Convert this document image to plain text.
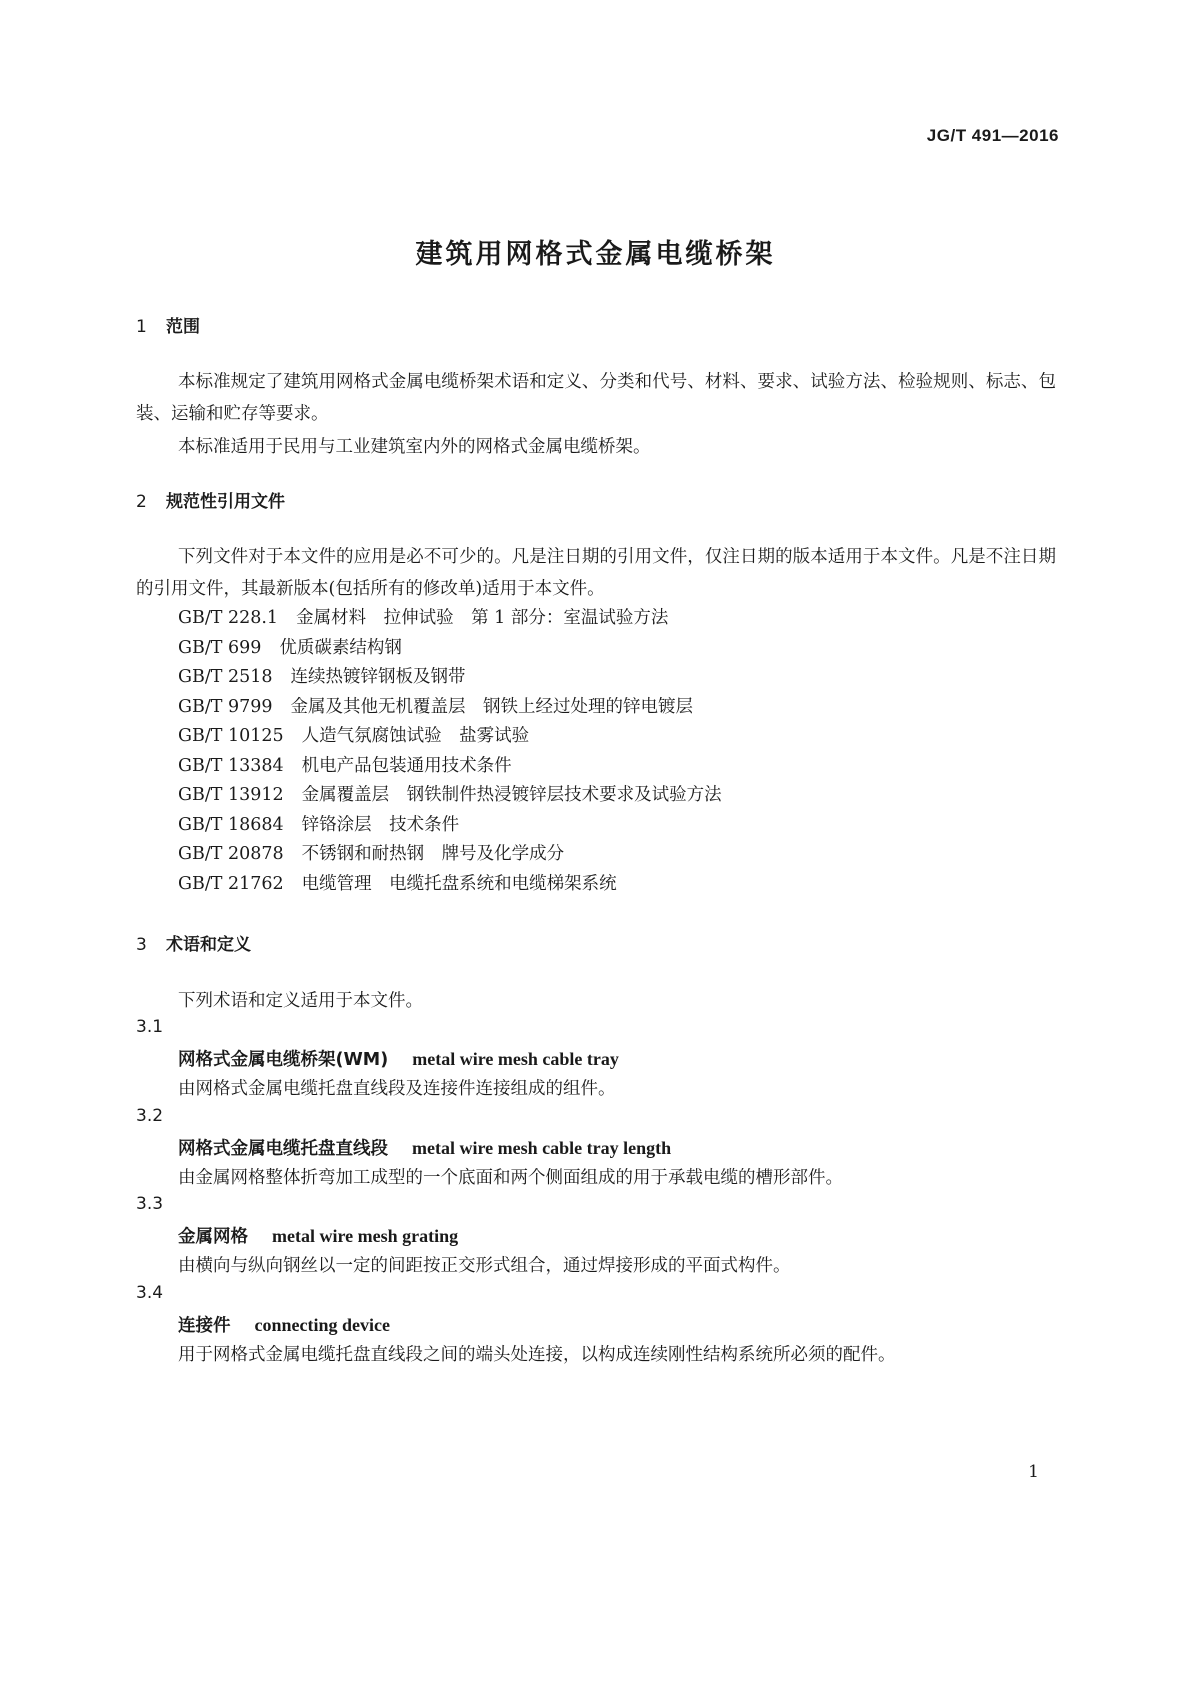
JG/T 491—2016
建筑用网格式金属电缆桥架
1 范围
本标准规定了建筑用网格式金属电缆桥架术语和定义、分类和代号、材料、要求、试验方法、检验规则、标志、包装、运输和贮存等要求。
本标准适用于民用与工业建筑室内外的网格式金属电缆桥架。
2 规范性引用文件
下列文件对于本文件的应用是必不可少的。凡是注日期的引用文件，仅注日期的版本适用于本文件。凡是不注日期的引用文件，其最新版本(包括所有的修改单)适用于本文件。
GB/T 228.1 金属材料　拉伸试验　第 1 部分：室温试验方法
GB/T 699 优质碳素结构钢
GB/T 2518 连续热镀锌钢板及钢带
GB/T 9799 金属及其他无机覆盖层　钢铁上经过处理的锌电镀层
GB/T 10125 人造气氛腐蚀试验　盐雾试验
GB/T 13384 机电产品包装通用技术条件
GB/T 13912 金属覆盖层　钢铁制件热浸镀锌层技术要求及试验方法
GB/T 18684 锌铬涂层　技术条件
GB/T 20878 不锈钢和耐热钢　牌号及化学成分
GB/T 21762 电缆管理　电缆托盘系统和电缆梯架系统
3 术语和定义
下列术语和定义适用于本文件。
3.1
网格式金属电缆桥架(WM) metal wire mesh cable tray
由网格式金属电缆托盘直线段及连接件连接组成的组件。
3.2
网格式金属电缆托盘直线段 metal wire mesh cable tray length
由金属网格整体折弯加工成型的一个底面和两个侧面组成的用于承载电缆的槽形部件。
3.3
金属网格 metal wire mesh grating
由横向与纵向钢丝以一定的间距按正交形式组合，通过焊接形成的平面式构件。
3.4
连接件 connecting device
用于网格式金属电缆托盘直线段之间的端头处连接，以构成连续刚性结构系统所必须的配件。
1
